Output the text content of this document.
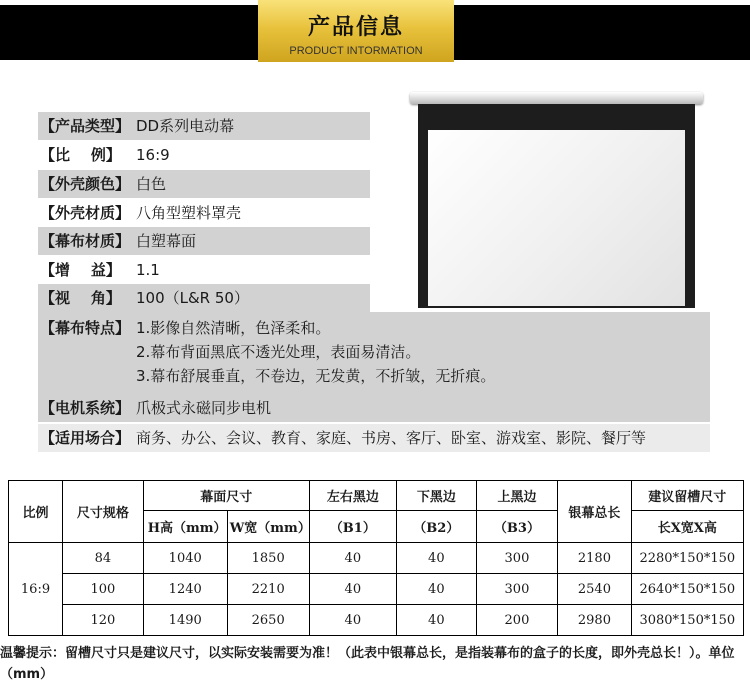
产品信息
PRODUCT INTORMATION
【产品类型】 DD系列电动幕
【比    例】 16:9
【外壳颜色】 白色
【外壳材质】 八角型塑料罩壳
【幕布材质】 白塑幕面
【增    益】 1.1
【视    角】 100（L&R 50）
【幕布特点】 1.影像自然清晰，色泽柔和。
2.幕布背面黑底不透光处理，表面易清洁。
3.幕布舒展垂直，不卷边，无发黄，不折皱，无折痕。
【电机系统】 爪极式永磁同步电机
【适用场合】 商务、办公、会议、教育、家庭、书房、客厅、卧室、游戏室、影院、餐厅等
比例	尺寸规格	幕面尺寸		左右黑边	下黑边	上黑边	银幕总长	建议留槽尺寸
		H高（mm）	W宽（mm）	（B1）	（B2）	（B3）		长X宽X高
16:9	84	1040	1850	40	40	300	2180	2280*150*150
	100	1240	2210	40	40	300	2540	2640*150*150
	120	1490	2650	40	40	200	2980	3080*150*150
温馨提示：留槽尺寸只是建议尺寸，以实际安装需要为准！（此表中银幕总长，是指装幕布的盒子的长度，即外壳总长！）。单位（mm）
